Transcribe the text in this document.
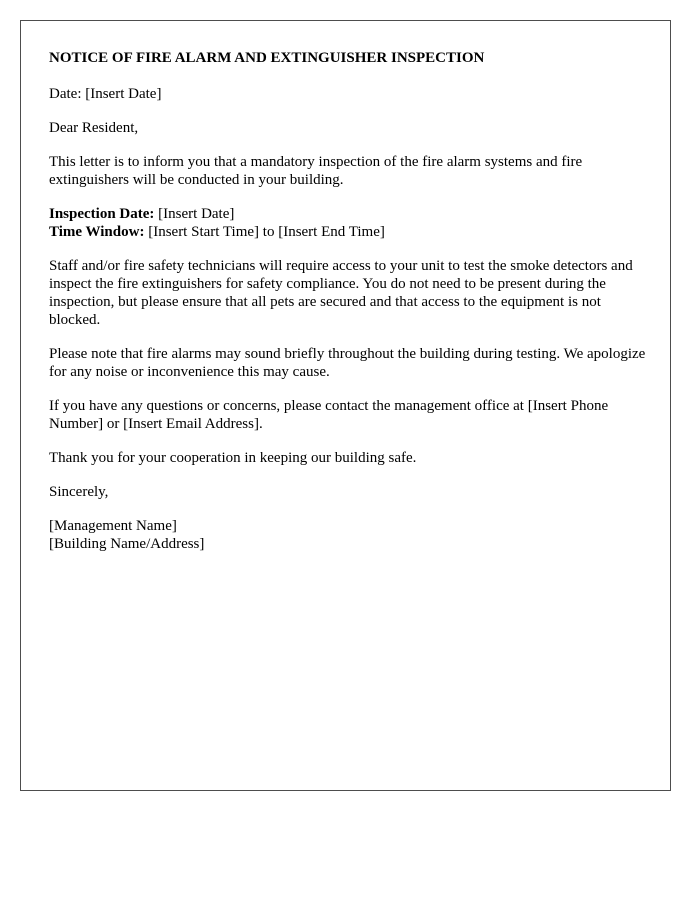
NOTICE OF FIRE ALARM AND EXTINGUISHER INSPECTION

Date: [Insert Date]

Dear Resident,

This letter is to inform you that a mandatory inspection of the fire alarm systems and fire extinguishers will be conducted in your building.

Inspection Date: [Insert Date]
Time Window: [Insert Start Time] to [Insert End Time]

Staff and/or fire safety technicians will require access to your unit to test the smoke detectors and inspect the fire extinguishers for safety compliance. You do not need to be present during the inspection, but please ensure that all pets are secured and that access to the equipment is not blocked.

Please note that fire alarms may sound briefly throughout the building during testing. We apologize for any noise or inconvenience this may cause.

If you have any questions or concerns, please contact the management office at [Insert Phone Number] or [Insert Email Address].

Thank you for your cooperation in keeping our building safe.

Sincerely,

[Management Name]
[Building Name/Address]
